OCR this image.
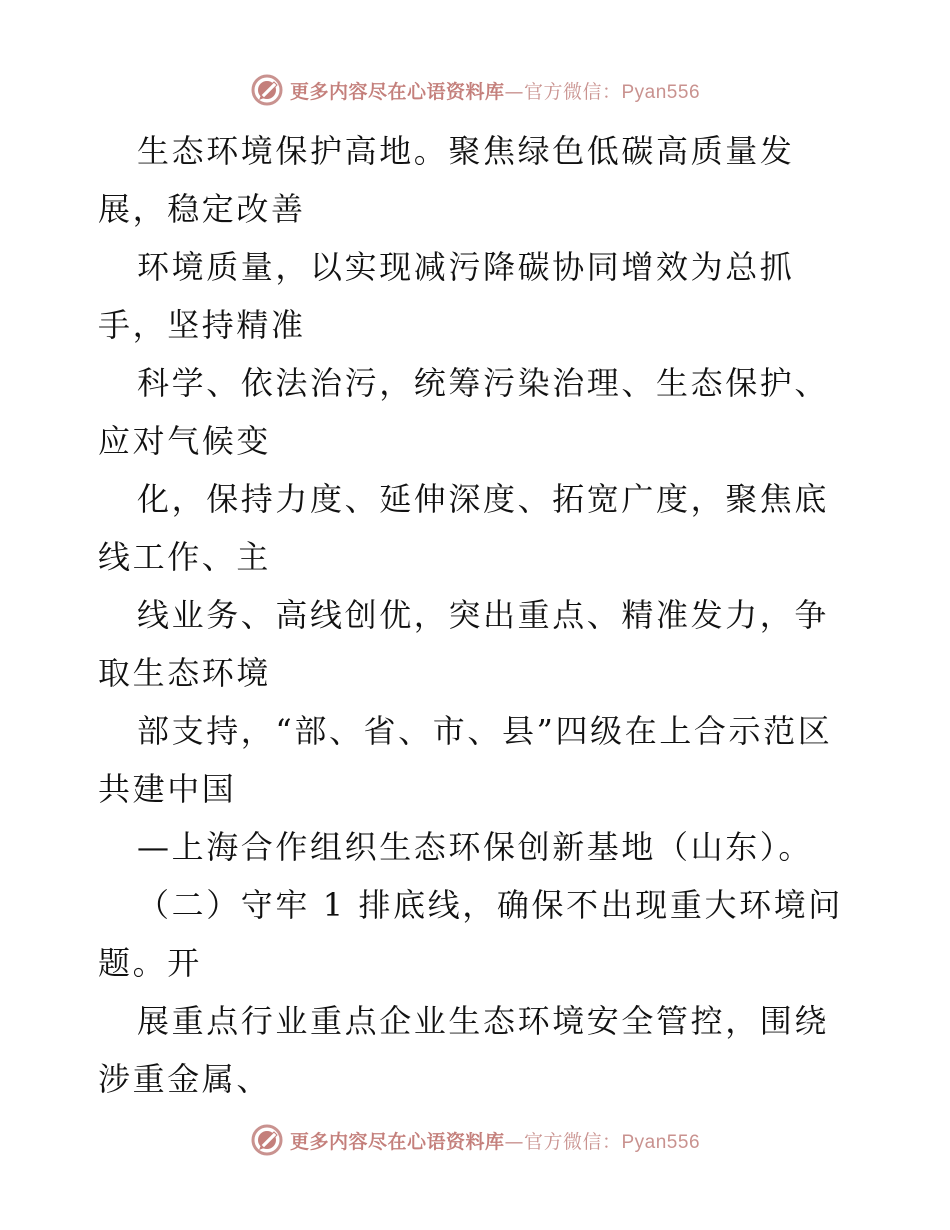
更多内容尽在心语资料库—官方微信：Pyan556

生态环境保护高地。聚焦绿色低碳高质量发展，稳定改善

环境质量，以实现减污降碳协同增效为总抓手，坚持精准

科学、依法治污，统筹污染治理、生态保护、应对气候变

化，保持力度、延伸深度、拓宽广度，聚焦底线工作、主

线业务、高线创优，突出重点、精准发力，争取生态环境

部支持，“部、省、市、县”四级在上合示范区共建中国

—上海合作组织生态环保创新基地（山东）。

（二）守牢 1 排底线，确保不出现重大环境问题。开

展重点行业重点企业生态环境安全管控，围绕涉重金属、

更多内容尽在心语资料库—官方微信：Pyan556
